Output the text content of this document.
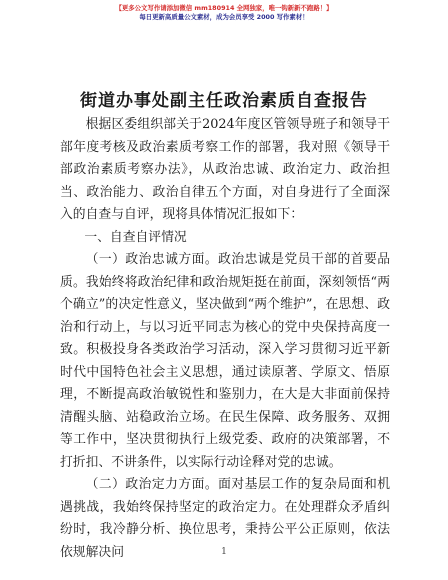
【更多公文写作请添加微信 mm180914 全网独家，唯一钩新新不跑路！】
每日更新高质量公文素材，成为会员享受 2000 写作素材！
街道办事处副主任政治素质自查报告

根据区委组织部关于2024年度区管领导班子和领导干部年度考核及政治素质考察工作的部署，我对照《领导干部政治素质考察办法》，从政治忠诚、政治定力、政治担当、政治能力、政治自律五个方面，对自身进行了全面深入的自查与自评，现将具体情况汇报如下：

一、自查自评情况

（一）政治忠诚方面。政治忠诚是党员干部的首要品质。我始终将政治纪律和政治规矩挺在前面，深刻领悟“两个确立”的决定性意义，坚决做到“两个维护”，在思想、政治和行动上，与以习近平同志为核心的党中央保持高度一致。积极投身各类政治学习活动，深入学习贯彻习近平新时代中国特色社会主义思想，通过读原著、学原文、悟原理，不断提高政治敏锐性和鉴别力，在大是大非面前保持清醒头脑、站稳政治立场。在民生保障、政务服务、双拥等工作中，坚决贯彻执行上级党委、政府的决策部署，不打折扣、不讲条件，以实际行动诠释对党的忠诚。

（二）政治定力方面。面对基层工作的复杂局面和机遇挑战，我始终保持坚定的政治定力。在处理群众矛盾纠纷时，我冷静分析、换位思考，秉持公平公正原则，依法依规解决问	1
